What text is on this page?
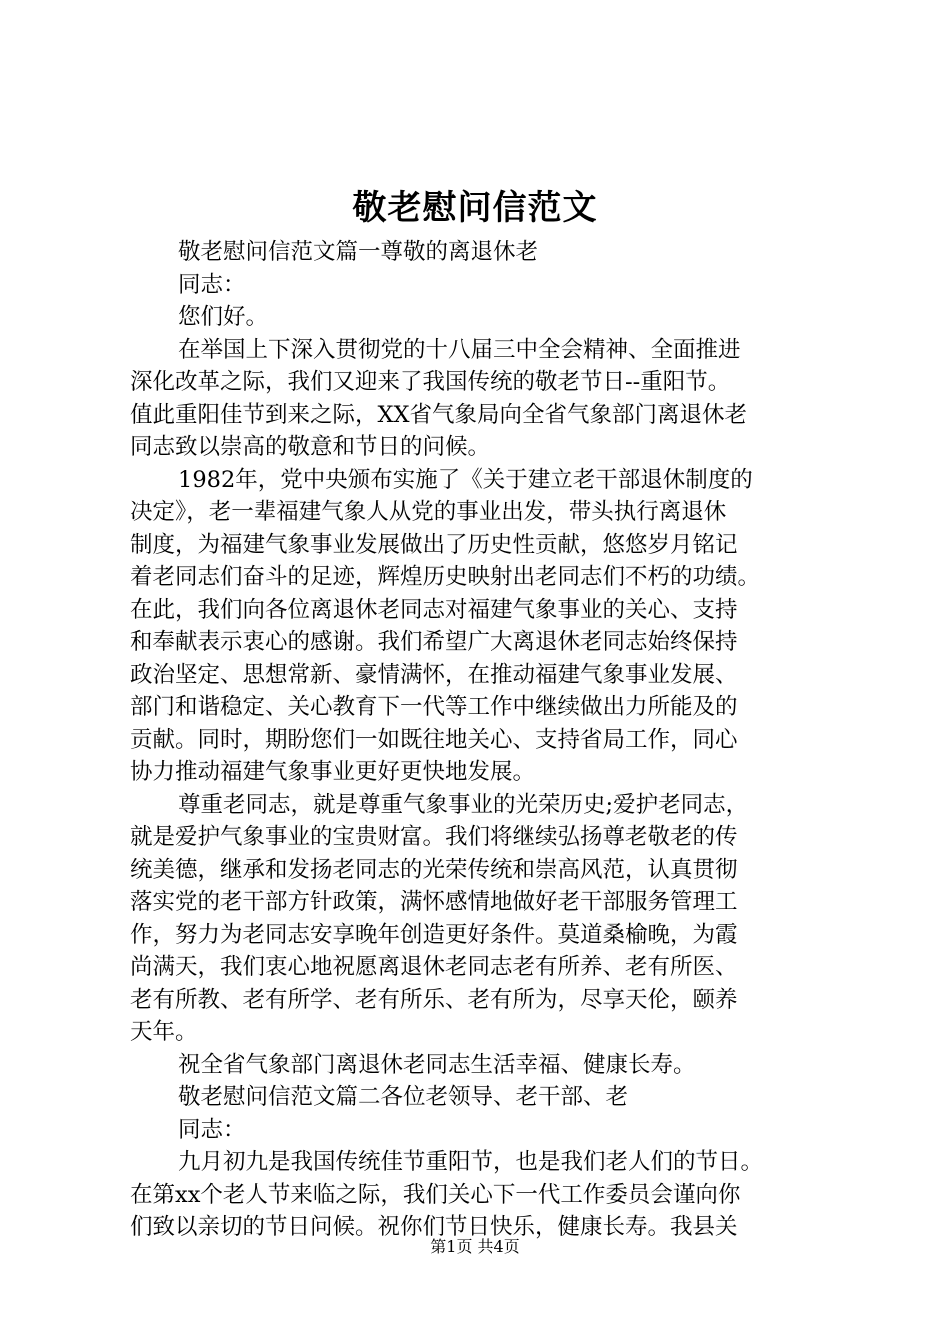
敬老慰问信范文
敬老慰问信范文篇一尊敬的离退休老
同志：
您们好。
在举国上下深入贯彻党的十八届三中全会精神、全面推进
深化改革之际，我们又迎来了我国传统的敬老节日--重阳节。
值此重阳佳节到来之际，XX省气象局向全省气象部门离退休老
同志致以崇高的敬意和节日的问候。
1982年，党中央颁布实施了《关于建立老干部退休制度的
决定》，老一辈福建气象人从党的事业出发，带头执行离退休
制度，为福建气象事业发展做出了历史性贡献，悠悠岁月铭记
着老同志们奋斗的足迹，辉煌历史映射出老同志们不朽的功绩。
在此，我们向各位离退休老同志对福建气象事业的关心、支持
和奉献表示衷心的感谢。我们希望广大离退休老同志始终保持
政治坚定、思想常新、豪情满怀，在推动福建气象事业发展、
部门和谐稳定、关心教育下一代等工作中继续做出力所能及的
贡献。同时，期盼您们一如既往地关心、支持省局工作，同心
协力推动福建气象事业更好更快地发展。
尊重老同志，就是尊重气象事业的光荣历史;爱护老同志，
就是爱护气象事业的宝贵财富。我们将继续弘扬尊老敬老的传
统美德，继承和发扬老同志的光荣传统和崇高风范，认真贯彻
落实党的老干部方针政策，满怀感情地做好老干部服务管理工
作，努力为老同志安享晚年创造更好条件。莫道桑榆晚，为霞
尚满天，我们衷心地祝愿离退休老同志老有所养、老有所医、
老有所教、老有所学、老有所乐、老有所为，尽享天伦，颐养
天年。
祝全省气象部门离退休老同志生活幸福、健康长寿。
敬老慰问信范文篇二各位老领导、老干部、老
同志：
九月初九是我国传统佳节重阳节，也是我们老人们的节日。
在第xx个老人节来临之际，我们关心下一代工作委员会谨向你
们致以亲切的节日问候。祝你们节日快乐，健康长寿。我县关
第1页 共4页
